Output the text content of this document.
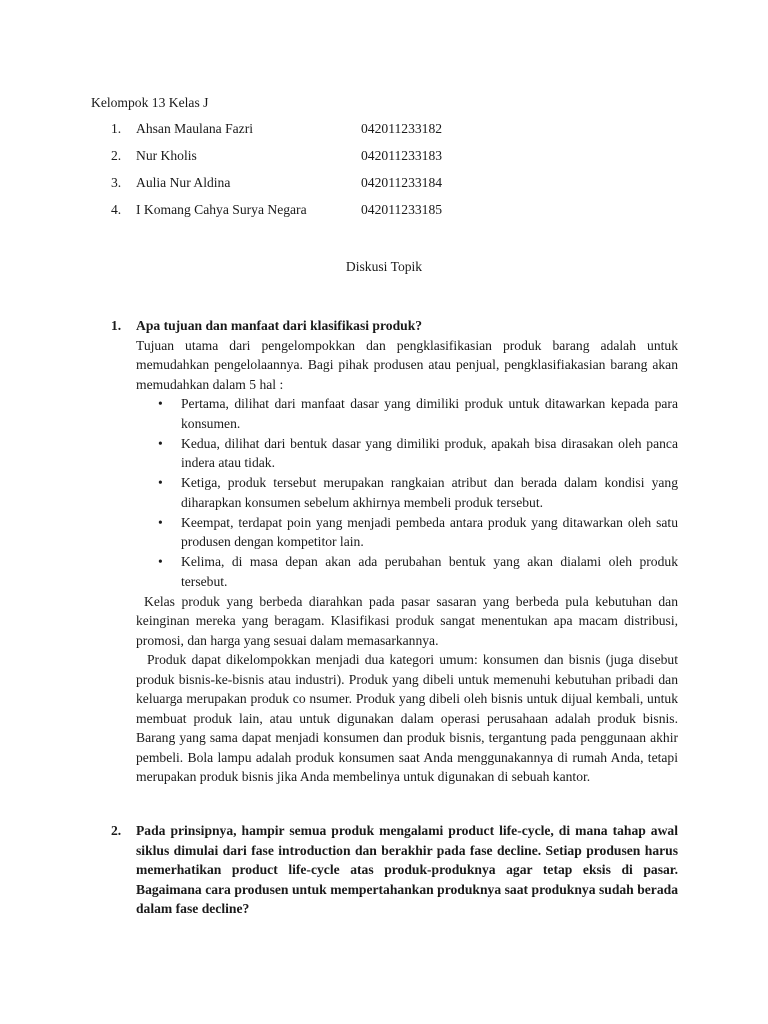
Kelompok 13 Kelas J
1.	Ahsan Maulana Fazri	042011233182
2.	Nur Kholis	042011233183
3.	Aulia Nur Aldina	042011233184
4.	I Komang Cahya Surya Negara	042011233185
Diskusi Topik
1. Apa tujuan dan manfaat dari klasifikasi produk?
Tujuan utama dari pengelompokkan dan pengklasifikasian produk barang adalah untuk memudahkan pengelolaannya. Bagi pihak produsen atau penjual, pengklasifiakasian barang akan memudahkan dalam 5 hal :
• Pertama, dilihat dari manfaat dasar yang dimiliki produk untuk ditawarkan kepada para konsumen.
• Kedua, dilihat dari bentuk dasar yang dimiliki produk, apakah bisa dirasakan oleh panca indera atau tidak.
• Ketiga, produk tersebut merupakan rangkaian atribut dan berada dalam kondisi yang diharapkan konsumen sebelum akhirnya membeli produk tersebut.
• Keempat, terdapat poin yang menjadi pembeda antara produk yang ditawarkan oleh satu produsen dengan kompetitor lain.
• Kelima, di masa depan akan ada perubahan bentuk yang akan dialami oleh produk tersebut.
Kelas produk yang berbeda diarahkan pada pasar sasaran yang berbeda pula kebutuhan dan keinginan mereka yang beragam. Klasifikasi produk sangat menentukan apa macam distribusi, promosi, dan harga yang sesuai dalam memasarkannya.
Produk dapat dikelompokkan menjadi dua kategori umum: konsumen dan bisnis (juga disebut produk bisnis-ke-bisnis atau industri). Produk yang dibeli untuk memenuhi kebutuhan pribadi dan keluarga merupakan produk co nsumer. Produk yang dibeli oleh bisnis untuk dijual kembali, untuk membuat produk lain, atau untuk digunakan dalam operasi perusahaan adalah produk bisnis. Barang yang sama dapat menjadi konsumen dan produk bisnis, tergantung pada penggunaan akhir pembeli. Bola lampu adalah produk konsumen saat Anda menggunakannya di rumah Anda, tetapi merupakan produk bisnis jika Anda membelinya untuk digunakan di sebuah kantor.
2. Pada prinsipnya, hampir semua produk mengalami product life-cycle, di mana tahap awal siklus dimulai dari fase introduction dan berakhir pada fase decline. Setiap produsen harus memerhatikan product life-cycle atas produk-produknya agar tetap eksis di pasar. Bagaimana cara produsen untuk mempertahankan produknya saat produknya sudah berada dalam fase decline?
